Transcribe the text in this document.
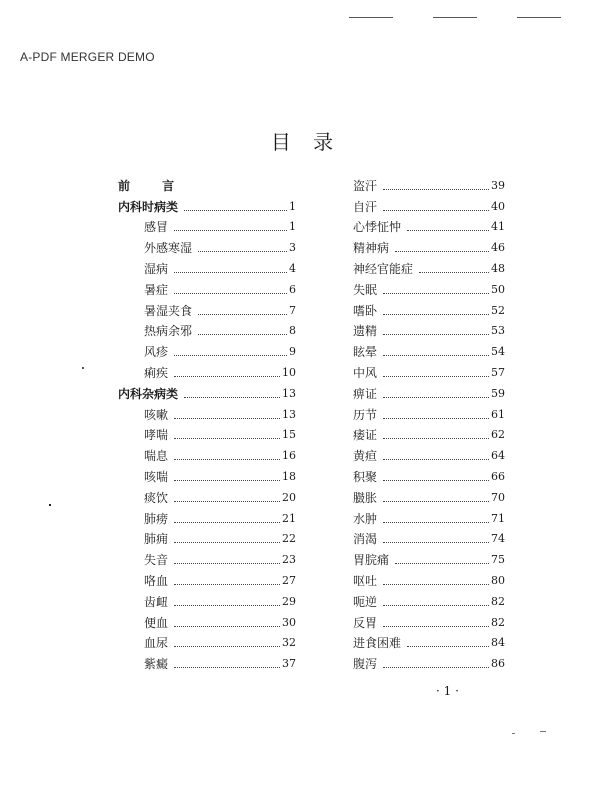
A-PDF MERGER DEMO
目 录
前 言
内科时病类	1
感冒	1
外感寒湿	3
湿病	4
暑症	6
暑湿夹食	7
热病余邪	8
风疹	9
痢疾	10
内科杂病类	13
咳嗽	13
哮喘	15
喘息	16
咳喘	18
痰饮	20
肺痨	21
肺痈	22
失音	23
咯血	27
齿衄	29
便血	30
血尿	32
紫癜	37
盗汗	39
自汗	40
心悸怔忡	41
精神病	46
神经官能症	48
失眠	50
嗜卧	52
遗精	53
眩晕	54
中风	57
痹证	59
历节	61
痿证	62
黄疸	64
积聚	66
臌胀	70
水肿	71
消渴	74
胃脘痛	75
呕吐	80
呃逆	82
反胃	82
进食困难	84
腹泻	86
· 1 ·
